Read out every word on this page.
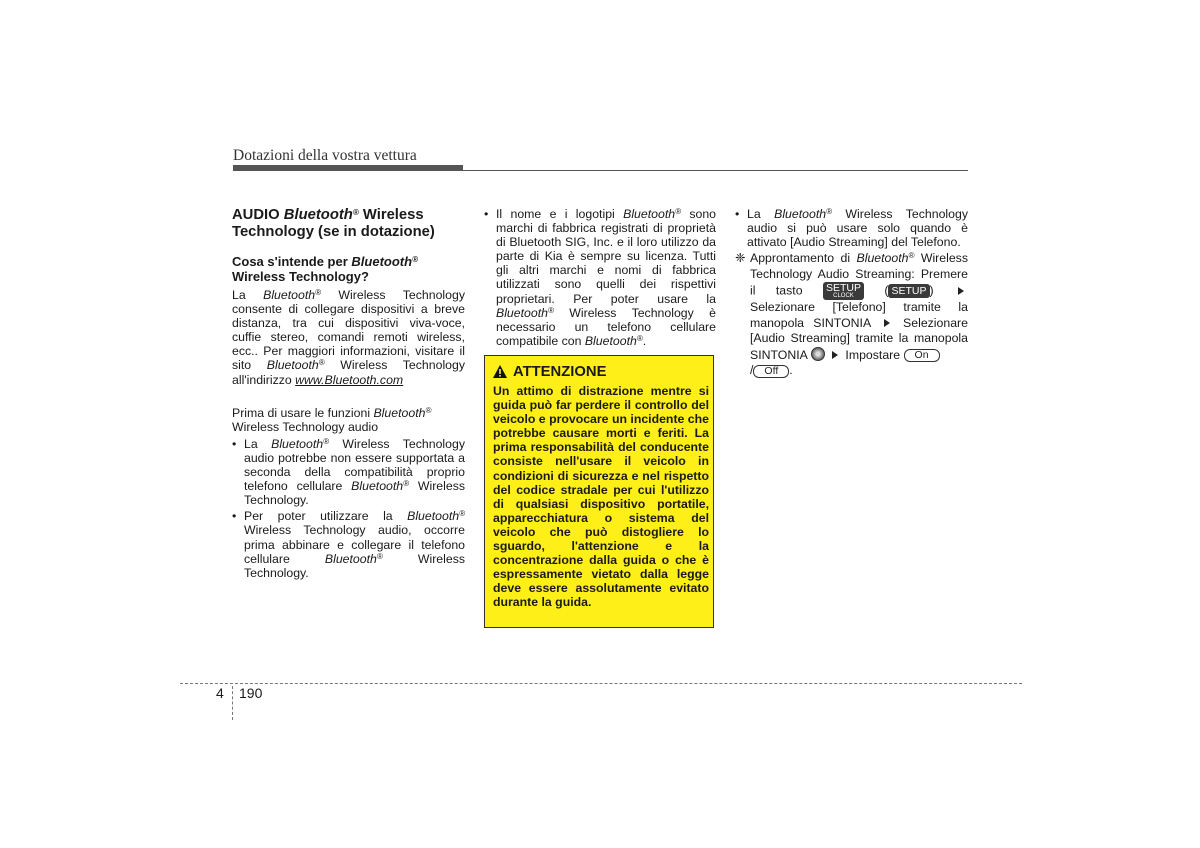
Dotazioni della vostra vettura
AUDIO Bluetooth® Wireless Technology (se in dotazione)
Cosa s'intende per Bluetooth®
Wireless Technology?

La Bluetooth® Wireless Technology consente di collegare dispositivi a breve distanza, tra cui dispositivi viva-voce, cuffie stereo, comandi remoti wireless, ecc.. Per maggiori informazioni, visitare il sito Bluetooth® Wireless Technology all'indirizzo www.Bluetooth.com

Prima di usare le funzioni Bluetooth®
Wireless Technology audio

• La Bluetooth® Wireless Technology audio potrebbe non essere supportata a seconda della compatibilità proprio telefono cellulare Bluetooth® Wireless Technology.
• Per poter utilizzare la Bluetooth® Wireless Technology audio, occorre prima abbinare e collegare il telefono cellulare Bluetooth® Wireless Technology.
• Il nome e i logotipi Bluetooth® sono marchi di fabbrica registrati di proprietà di Bluetooth SIG, Inc. e il loro utilizzo da parte di Kia è sempre su licenza. Tutti gli altri marchi e nomi di fabbrica utilizzati sono quelli dei rispettivi proprietari. Per poter usare la Bluetooth® Wireless Technology è necessario un telefono cellulare compatibile con Bluetooth®.
ATTENZIONE
Un attimo di distrazione mentre si guida può far perdere il controllo del veicolo e provocare un incidente che potrebbe causare morti e feriti. La prima responsabilità del conducente consiste nell'usare il veicolo in condizioni di sicurezza e nel rispetto del codice stradale per cui l'utilizzo di qualsiasi dispositivo portatile, apparecchiatura o sistema del veicolo che può distogliere lo sguardo, l'attenzione e la concentrazione dalla guida o che è espressamente vietato dalla legge deve essere assolutamente evitato durante la guida.
• La Bluetooth® Wireless Technology audio si può usare solo quando è attivato [Audio Streaming] del Telefono.

❈ Approntamento di Bluetooth® Wireless Technology Audio Streaming: Premere il tasto SETUP
CLOCK ( SETUP )  Selezionare [Telefono] tramite la manopola SINTONIA  Selezionare [Audio Streaming] tramite la manopola SINTONIA	Impostare On
/ Off .

4 190
